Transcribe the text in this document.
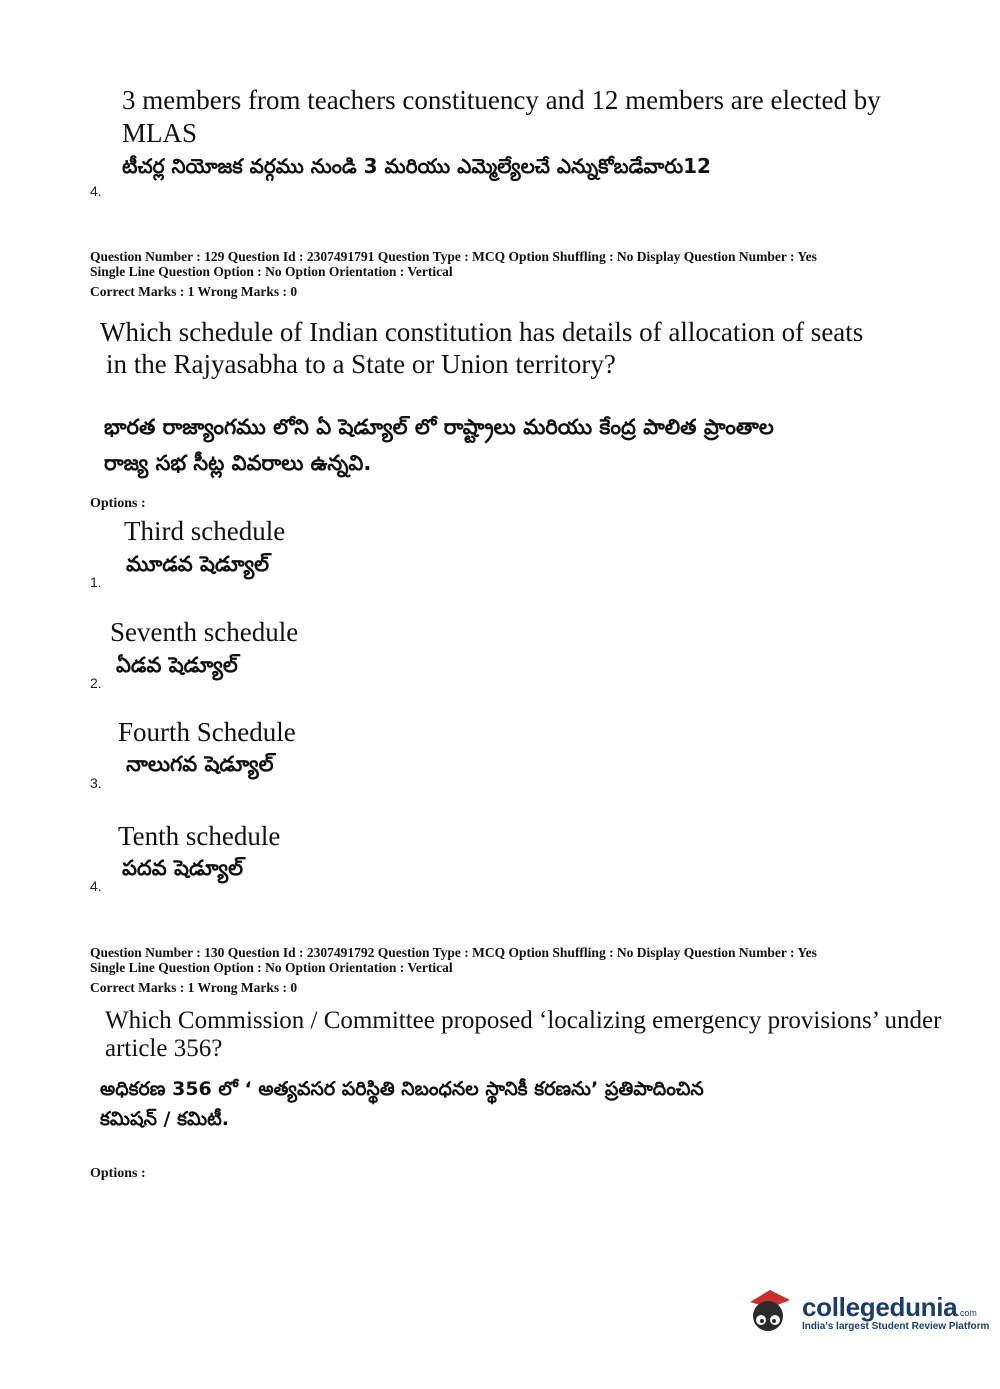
3 members from teachers constituency and 12 members are elected by
MLAS
టీచర్ల నియోజక వర్గము నుండి 3 మరియు ఎమ్మెల్యేలచే ఎన్నుకోబడేవారు12
4.
Question Number : 129 Question Id : 2307491791 Question Type : MCQ Option Shuffling : No Display Question Number : Yes
Single Line Question Option : No Option Orientation : Vertical
Correct Marks : 1 Wrong Marks : 0
Which schedule of Indian constitution has details of allocation of seats
in the Rajyasabha to a State or Union territory?
భారత రాజ్యాంగము లోని ఏ షెడ్యూల్ లో రాష్ట్రాలు మరియు కేంద్ర పాలిత ప్రాంతాల
రాజ్య సభ సీట్ల వివరాలు ఉన్నవి.
Options :
Third schedule
మూడవ షెడ్యూల్
1.
Seventh schedule
ఏడవ షెడ్యూల్
2.
Fourth Schedule
నాలుగవ షెడ్యూల్
3.
Tenth schedule
పదవ షెడ్యూల్
4.
Question Number : 130 Question Id : 2307491792 Question Type : MCQ Option Shuffling : No Display Question Number : Yes
Single Line Question Option : No Option Orientation : Vertical
Correct Marks : 1 Wrong Marks : 0
Which Commission / Committee proposed ‘localizing emergency provisions’ under
article 356?
అధికరణ 356 లో ‘ అత్యవసర పరిస్థితి నిబంధనల స్థానికీ కరణను’ ప్రతిపాదించిన
కమిషన్ / కమిటీ.
Options :
collegedunia.com
India's largest Student Review Platform
